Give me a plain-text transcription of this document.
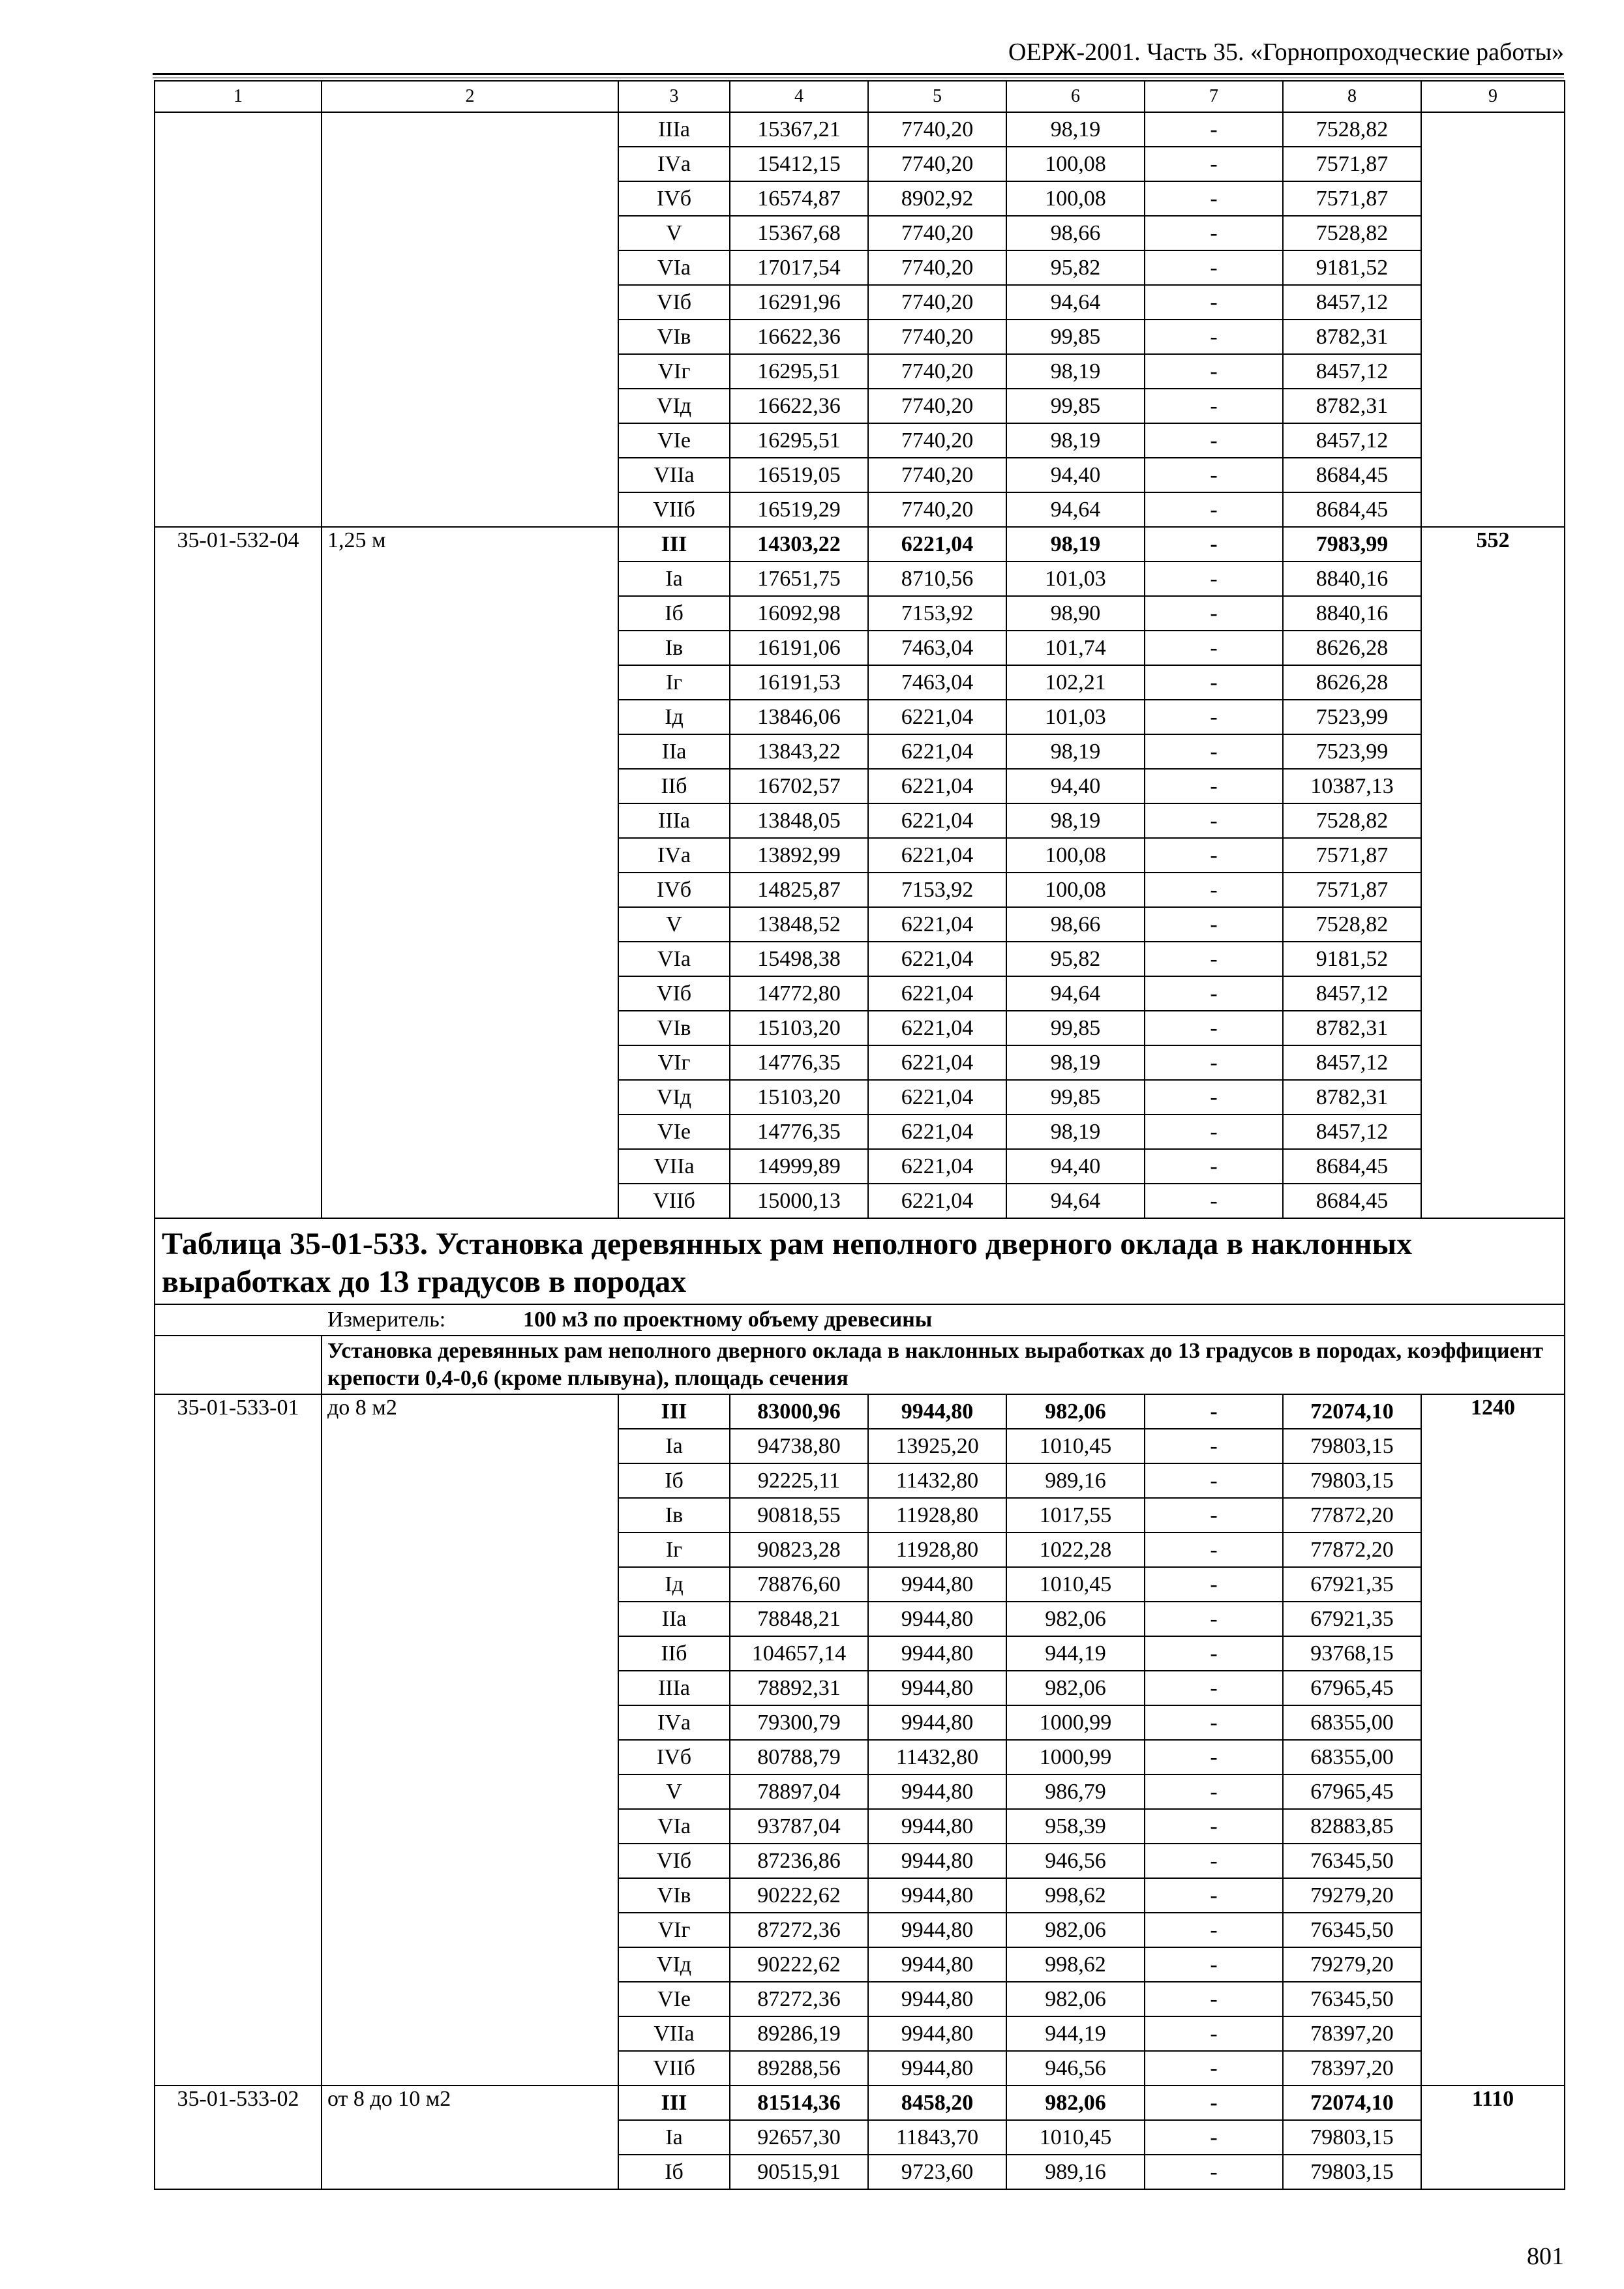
ОЕРЖ-2001. Часть 35. «Горнопроходческие работы»
1	2	3	4	5	6	7	8	9
		IIIа	15367,21	7740,20	98,19	-	7528,82	
		IVа	15412,15	7740,20	100,08	-	7571,87	
		IVб	16574,87	8902,92	100,08	-	7571,87	
		V	15367,68	7740,20	98,66	-	7528,82	
		VIа	17017,54	7740,20	95,82	-	9181,52	
		VIб	16291,96	7740,20	94,64	-	8457,12	
		VIв	16622,36	7740,20	99,85	-	8782,31	
		VIг	16295,51	7740,20	98,19	-	8457,12	
		VIд	16622,36	7740,20	99,85	-	8782,31	
		VIе	16295,51	7740,20	98,19	-	8457,12	
		VIIа	16519,05	7740,20	94,40	-	8684,45	
		VIIб	16519,29	7740,20	94,64	-	8684,45	
35-01-532-04	1,25 м	III	14303,22	6221,04	98,19	-	7983,99	552
		Iа	17651,75	8710,56	101,03	-	8840,16	
		Iб	16092,98	7153,92	98,90	-	8840,16	
		Iв	16191,06	7463,04	101,74	-	8626,28	
		Iг	16191,53	7463,04	102,21	-	8626,28	
		Iд	13846,06	6221,04	101,03	-	7523,99	
		IIа	13843,22	6221,04	98,19	-	7523,99	
		IIб	16702,57	6221,04	94,40	-	10387,13	
		IIIа	13848,05	6221,04	98,19	-	7528,82	
		IVа	13892,99	6221,04	100,08	-	7571,87	
		IVб	14825,87	7153,92	100,08	-	7571,87	
		V	13848,52	6221,04	98,66	-	7528,82	
		VIа	15498,38	6221,04	95,82	-	9181,52	
		VIб	14772,80	6221,04	94,64	-	8457,12	
		VIв	15103,20	6221,04	99,85	-	8782,31	
		VIг	14776,35	6221,04	98,19	-	8457,12	
		VIд	15103,20	6221,04	99,85	-	8782,31	
		VIе	14776,35	6221,04	98,19	-	8457,12	
		VIIа	14999,89	6221,04	94,40	-	8684,45	
		VIIб	15000,13	6221,04	94,64	-	8684,45	
Таблица 35-01-533. Установка деревянных рам неполного дверного оклада в наклонных выработках до 13 градусов в породах								
Измеритель: 100 м3 по проектному объему древесины								
	Установка деревянных рам неполного дверного оклада в наклонных выработках до 13 градусов в породах, коэффициент крепости 0,4-0,6 (кроме плывуна), площадь сечения							
35-01-533-01	до 8 м2	III	83000,96	9944,80	982,06	-	72074,10	1240
		Iа	94738,80	13925,20	1010,45	-	79803,15	
		Iб	92225,11	11432,80	989,16	-	79803,15	
		Iв	90818,55	11928,80	1017,55	-	77872,20	
		Iг	90823,28	11928,80	1022,28	-	77872,20	
		Iд	78876,60	9944,80	1010,45	-	67921,35	
		IIа	78848,21	9944,80	982,06	-	67921,35	
		IIб	104657,14	9944,80	944,19	-	93768,15	
		IIIа	78892,31	9944,80	982,06	-	67965,45	
		IVа	79300,79	9944,80	1000,99	-	68355,00	
		IVб	80788,79	11432,80	1000,99	-	68355,00	
		V	78897,04	9944,80	986,79	-	67965,45	
		VIа	93787,04	9944,80	958,39	-	82883,85	
		VIб	87236,86	9944,80	946,56	-	76345,50	
		VIв	90222,62	9944,80	998,62	-	79279,20	
		VIг	87272,36	9944,80	982,06	-	76345,50	
		VIд	90222,62	9944,80	998,62	-	79279,20	
		VIе	87272,36	9944,80	982,06	-	76345,50	
		VIIа	89286,19	9944,80	944,19	-	78397,20	
		VIIб	89288,56	9944,80	946,56	-	78397,20	
35-01-533-02	от 8 до 10 м2	III	81514,36	8458,20	982,06	-	72074,10	1110
		Iа	92657,30	11843,70	1010,45	-	79803,15	
		Iб	90515,91	9723,60	989,16	-	79803,15	
801
